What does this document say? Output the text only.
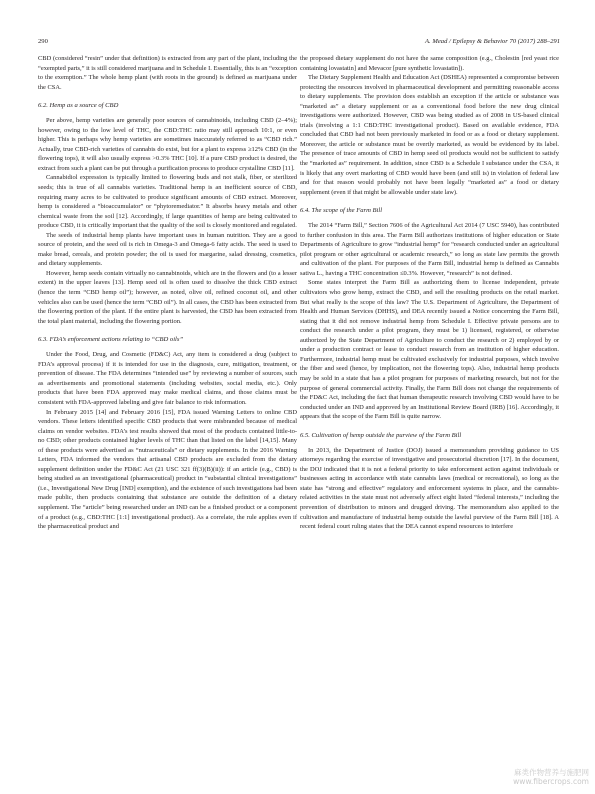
290	A. Mead / Epilepsy & Behavior 70 (2017) 288–291

CBD (considered “resin” under that definition) is extracted from any part of the plant, including the “exempted parts,” it is still considered marijuana and in Schedule I. Essentially, this is an “exception to the exemption.” The whole hemp plant (with roots in the ground) is defined as marijuana under the CSA.

6.2. Hemp as a source of CBD

Per above, hemp varieties are generally poor sources of cannabinoids, including CBD (2–4%); however, owing to the low level of THC, the CBD:THC ratio may still approach 10:1, or even higher. This is perhaps why hemp varieties are sometimes inaccurately referred to as “CBD rich.” Actually, true CBD-rich varieties of cannabis do exist, but for a plant to express ≥12% CBD (in the flowering tops), it will also usually express >0.3% THC [10]. If a pure CBD product is desired, the extract from such a plant can be put through a purification process to produce crystalline CBD [11].

Cannabidiol expression is typically limited to flowering buds and not stalk, fiber, or sterilized seeds; this is true of all cannabis varieties. Traditional hemp is an inefficient source of CBD, requiring many acres to be cultivated to produce significant amounts of CBD extract. Moreover, hemp is considered a “bioaccumulator” or “phytoremediator.” It absorbs heavy metals and other chemical waste from the soil [12]. Accordingly, if large quantities of hemp are being cultivated to produce CBD, it is critically important that the quality of the soil is closely monitored and regulated.

The seeds of industrial hemp plants have important uses in human nutrition. They are a good source of protein, and the seed oil is rich in Omega-3 and Omega-6 fatty acids. The seed is used to make bread, cereals, and protein powder; the oil is used for margarine, salad dressing, cosmetics, and dietary supplements.

However, hemp seeds contain virtually no cannabinoids, which are in the flowers and (to a lesser extent) in the upper leaves [13]. Hemp seed oil is often used to dissolve the thick CBD extract (hence the term “CBD hemp oil”); however, as noted, olive oil, refined coconut oil, and other vehicles also can be used (hence the term “CBD oil”). In all cases, the CBD has been extracted from the flowering portion of the plant. If the entire plant is harvested, the CBD has been extracted from the total plant material, including the flowering portion.

6.3. FDA’s enforcement actions relating to “CBD oils”

Under the Food, Drug, and Cosmetic (FD&C) Act, any item is considered a drug (subject to FDA’s approval process) if it is intended for use in the diagnosis, cure, mitigation, treatment, or prevention of disease. The FDA determines “intended use” by reviewing a number of sources, such as advertisements and promotional statements (including websites, social media, etc.). Only products that have been FDA approved may make medical claims, and those claims must be consistent with FDA-approved labeling and give fair balance to risk information.

In February 2015 [14] and February 2016 [15], FDA issued Warning Letters to online CBD vendors. These letters identified specific CBD products that were misbranded because of medical claims on vendor websites. FDA’s test results showed that most of the products contained little-to-no CBD; other products contained higher levels of THC than that listed on the label [14,15]. Many of these products were advertised as “nutraceuticals” or dietary supplements. In the 2016 Warning Letters, FDA informed the vendors that artisanal CBD products are excluded from the dietary supplement definition under the FD&C Act (21 USC 321 ff(3)(B)(ii)): if an article (e.g., CBD) is being studied as an investigational (pharmaceutical) product in “substantial clinical investigations” (i.e., Investigational New Drug [IND] exemption), and the existence of such investigations had been made public, then products containing that substance are outside the definition of a dietary supplement. The “article” being researched under an IND can be a finished product or a component of a product (e.g., CBD:THC [1:1] investigational product). As a correlate, the rule applies even if the pharmaceutical product and

the proposed dietary supplement do not have the same composition (e.g., Cholestin [red yeast rice containing lovastatin] and Mevacor [pure synthetic lovastatin]).

The Dietary Supplement Health and Education Act (DSHEA) represented a compromise between protecting the resources involved in pharmaceutical development and permitting reasonable access to dietary supplements. The provision does establish an exception if the article or substance was “marketed as” a dietary supplement or as a conventional food before the new drug clinical investigations were authorized. However, CBD was being studied as of 2008 in US-based clinical trials (involving a 1:1 CBD:THC investigational product). Based on available evidence, FDA concluded that CBD had not been previously marketed in food or as a food or dietary supplement. Moreover, the article or substance must be overtly marketed, as would be evidenced by its label. The presence of trace amounts of CBD in hemp seed oil products would not be sufficient to satisfy the “marketed as” requirement. In addition, since CBD is a Schedule I substance under the CSA, it is likely that any overt marketing of CBD would have been (and still is) in violation of federal law and for that reason would probably not have been legally “marketed as” a food or dietary supplement (even if that might be allowable under state law).

6.4. The scope of the Farm Bill

The 2014 “Farm Bill,” Section 7606 of the Agricultural Act 2014 (7 USC 5940), has contributed to further confusion in this area. The Farm Bill authorizes institutions of higher education or State Departments of Agriculture to grow “industrial hemp” for “research conducted under an agricultural pilot program or other agricultural or academic research,” so long as state law permits the growth and cultivation of the plant. For purposes of the Farm Bill, industrial hemp is defined as Cannabis sativa L., having a THC concentration ≤0.3%. However, “research” is not defined.

Some states interpret the Farm Bill as authorizing them to license independent, private cultivators who grow hemp, extract the CBD, and sell the resulting products on the retail market. But what really is the scope of this law? The U.S. Department of Agriculture, the Department of Health and Human Services (DHHS), and DEA recently issued a Notice concerning the Farm Bill, stating that it did not remove industrial hemp from Schedule I. Effective private persons are to conduct the research under a pilot program, they must be 1) licensed, registered, or otherwise authorized by the State Department of Agriculture to conduct the research or 2) employed by or under a production contract or lease to conduct research from an institution of higher education. Furthermore, industrial hemp must be cultivated exclusively for industrial purposes, which involve the fiber and seed (hence, by implication, not the flowering tops). Also, industrial hemp products may be sold in a state that has a pilot program for purposes of marketing research, but not for the purpose of general commercial activity. Finally, the Farm Bill does not change the requirements of the FD&C Act, including the fact that human therapeutic research involving CBD would have to be conducted under an IND and approved by an Institutional Review Board (IRB) [16]. Accordingly, it appears that the scope of the Farm Bill is quite narrow.

6.5. Cultivation of hemp outside the purview of the Farm Bill

In 2013, the Department of Justice (DOJ) issued a memorandum providing guidance to US attorneys regarding the exercise of investigative and prosecutorial discretion [17]. In the document, the DOJ indicated that it is not a federal priority to take enforcement action against individuals or businesses acting in accordance with state cannabis laws (medical or recreational), so long as the state has “strong and effective” regulatory and enforcement systems in place, and the cannabis-related activities in the state must not adversely affect eight listed “federal interests,” including the prevention of distribution to minors and drugged driving. The memorandum also applied to the cultivation and manufacture of industrial hemp outside the lawful purview of the Farm Bill [18]. A recent federal court ruling states that the DEA cannot expend resources to interfere

麻类作物营养与施肥网
www.fibercrops.com
